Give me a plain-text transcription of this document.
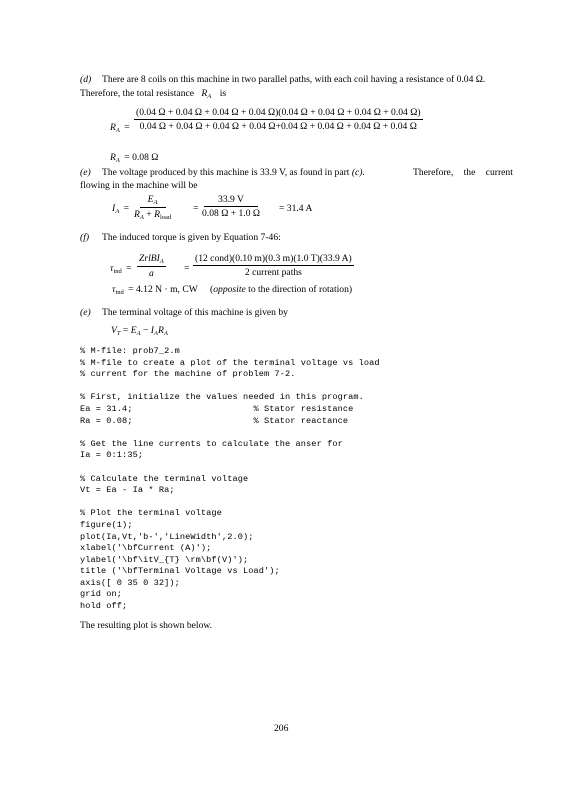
(d) There are 8 coils on this machine in two parallel paths, with each coil having a resistance of 0.04 Ω.
Therefore, the total resistance $R_A$ is
$R_A$ =
(0.04 Ω + 0.04 Ω + 0.04 Ω + 0.04 Ω)(0.04 Ω + 0.04 Ω + 0.04 Ω + 0.04 Ω)
0.04 Ω + 0.04 Ω + 0.04 Ω + 0.04 Ω+0.04 Ω + 0.04 Ω + 0.04 Ω + 0.04 Ω
$R_A = 0.08$ Ω
(e) The voltage produced by this machine is 33.9 V, as found in part (c).	Therefore, the current
flowing in the machine will be
$I_A$ =
$E_A$
$R_A + R_{load}$
= $\frac{33.9 V}{0.08 \Omega + 1.0 \Omega} = 31.4$ A
(f) The induced torque is given by Equation 7-46:
$\tau_{ind}$ =
ZrlBI$_A$
a	=
(12 cond)(0.10 m)(0.3 m)(1.0 T)(33.9 A)
2 current paths
$\tau_{ind} = 4.12$ N · m, CW (opposite to the direction of rotation)
(e) The terminal voltage of this machine is given by
$V_T = E_A - I_AR_A$
% M-file: prob7_2.m
% M-file to create a plot of the terminal voltage vs load
% current for the machine of problem 7-2.
% First, initialize the values needed in this program.
Ea = 31.4;                       % Stator resistance
Ra = 0.08;                       % Stator reactance
% Get the line currents to calculate the anser for
Ia = 0:1:35;
% Calculate the terminal voltage
Vt = Ea - Ia * Ra;
% Plot the terminal voltage
figure(1);
plot(Ia,Vt,'b-','LineWidth',2.0);
xlabel('\bfCurrent (A)');
ylabel('\bf\itV_{T} \rm\bf(V)');
title ('\bfTerminal Voltage vs Load');
axis([ 0 35 0 32]);
grid on;
hold off;
The resulting plot is shown below.
206
